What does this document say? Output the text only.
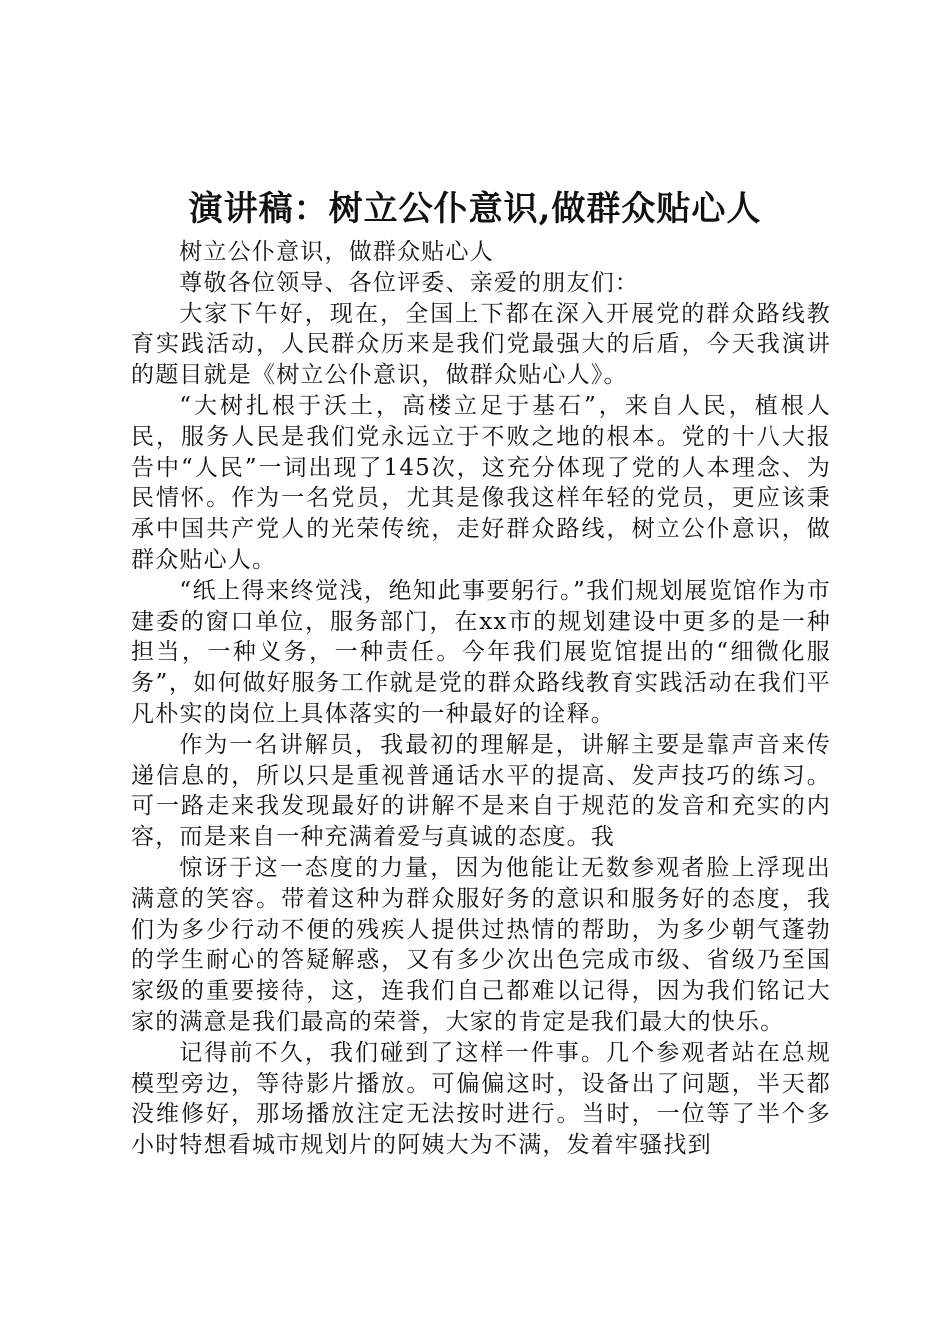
演讲稿：树立公仆意识,做群众贴心人

树立公仆意识，做群众贴心人

尊敬各位领导、各位评委、亲爱的朋友们：

大家下午好，现在，全国上下都在深入开展党的群众路线教育实践活动，人民群众历来是我们党最强大的后盾，今天我演讲的题目就是《树立公仆意识，做群众贴心人》。

“大树扎根于沃土，高楼立足于基石”，来自人民，植根人民，服务人民是我们党永远立于不败之地的根本。党的十八大报告中“人民”一词出现了145次，这充分体现了党的人本理念、为民情怀。作为一名党员，尤其是像我这样年轻的党员，更应该秉承中国共产党人的光荣传统，走好群众路线，树立公仆意识，做群众贴心人。

“纸上得来终觉浅，绝知此事要躬行。”我们规划展览馆作为市建委的窗口单位，服务部门，在xx市的规划建设中更多的是一种担当，一种义务，一种责任。今年我们展览馆提出的“细微化服务”，如何做好服务工作就是党的群众路线教育实践活动在我们平凡朴实的岗位上具体落实的一种最好的诠释。

作为一名讲解员，我最初的理解是，讲解主要是靠声音来传递信息的，所以只是重视普通话水平的提高、发声技巧的练习。可一路走来我发现最好的讲解不是来自于规范的发音和充实的内容，而是来自一种充满着爱与真诚的态度。我

惊讶于这一态度的力量，因为他能让无数参观者脸上浮现出满意的笑容。带着这种为群众服好务的意识和服务好的态度，我们为多少行动不便的残疾人提供过热情的帮助，为多少朝气蓬勃的学生耐心的答疑解惑，又有多少次出色完成市级、省级乃至国家级的重要接待，这，连我们自己都难以记得，因为我们铭记大家的满意是我们最高的荣誉，大家的肯定是我们最大的快乐。

记得前不久，我们碰到了这样一件事。几个参观者站在总规模型旁边，等待影片播放。可偏偏这时，设备出了问题，半天都没维修好，那场播放注定无法按时进行。当时，一位等了半个多小时特想看城市规划片的阿姨大为不满，发着牢骚找到
